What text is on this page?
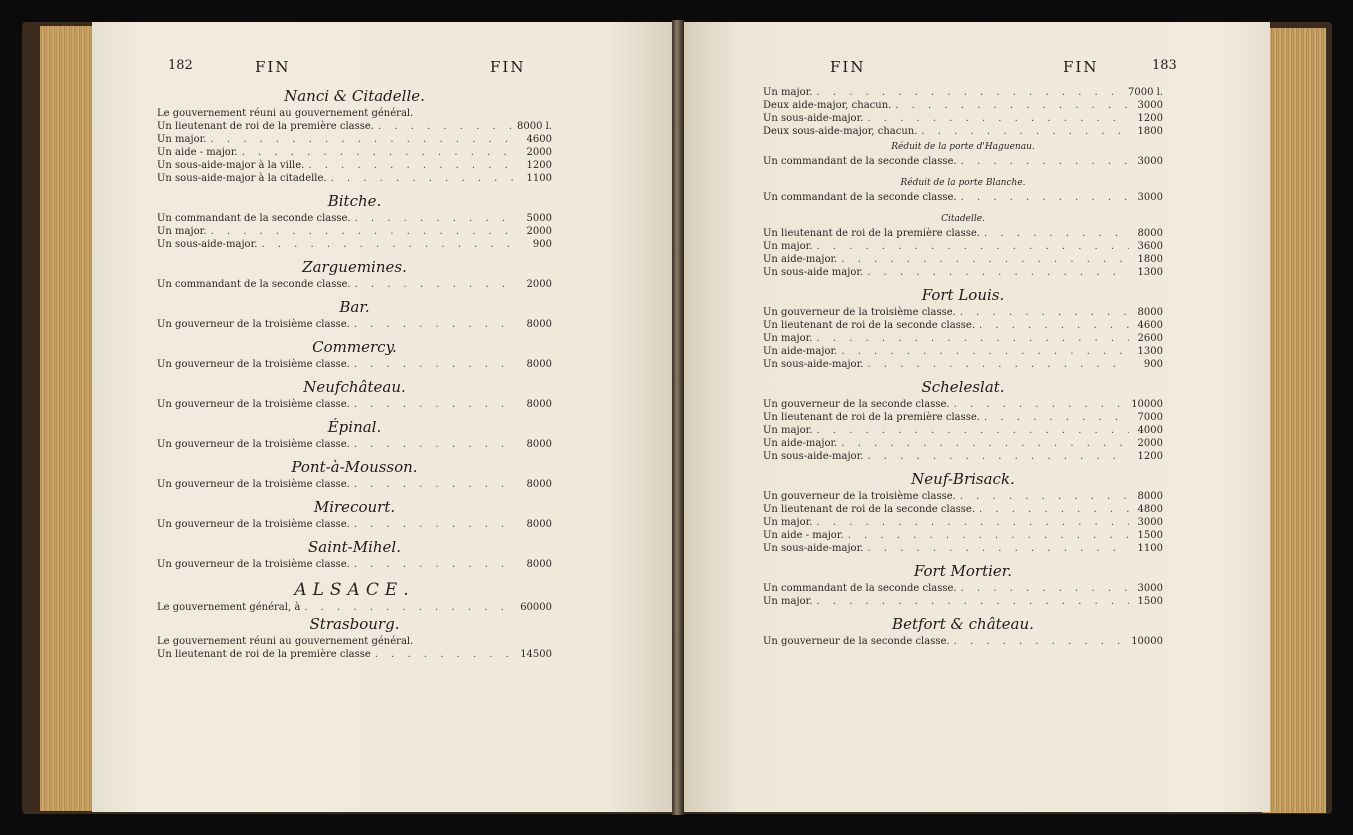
182	FIN	FIN	FIN	FIN	183
Nanci & Citadelle.
Le gouvernement réuni au gouvernement général.
Un lieutenant de roi de la première classe. . . .	8000 l.
Un major. . . .	4600
Un aide - major. . . .	2000
Un sous-aide-major à la ville. . . .	1200
Un sous-aide-major à la citadelle. . . .	1100
Bitche.
Un commandant de la seconde classe. . . .	5000
Un major. . . .	2000
Un sous-aide-major. . . .	900
Zarguemines.
Un commandant de la seconde classe. . . .	2000
Bar.
Un gouverneur de la troisième classe. . . .	8000
Commercy.
Un gouverneur de la troisième classe. . . .	8000
Neufchâteau.
Un gouverneur de la troisième classe. . . .	8000
Épinal.
Un gouverneur de la troisième classe. . . .	8000
Pont-à-Mousson.
Un gouverneur de la troisième classe. . . .	8000
Mirecourt.
Un gouverneur de la troisième classe. . . .	8000
Saint-Mihel.
Un gouverneur de la troisième classe. . . .	8000
ALSACE.
Le gouvernement général, à . . .	60000
Strasbourg.
Le gouvernement réuni au gouvernement général.
Un lieutenant de roi de la première classe . . .	14500
Un major. . . .	7000 l.
Deux aide-major, chacun. . . .	3000
Un sous-aide-major. . . .	1200
Deux sous-aide-major, chacun. . . .	1800
Réduit de la porte d'Haguenau.
Un commandant de la seconde classe. . . .	3000
Réduit de la porte Blanche.
Un commandant de la seconde classe. . . .	3000
Citadelle.
Un lieutenant de roi de la première classe. . . .	8000
Un major. . . .	3600
Un aide-major. . . .	1800
Un sous-aide major. . . .	1300
Fort Louis.
Un gouverneur de la troisième classe. . . .	8000
Un lieutenant de roi de la seconde classe. . . .	4600
Un major. . . .	2600
Un aide-major. . . .	1300
Un sous-aide-major. . . .	900
Scheleslat.
Un gouverneur de la seconde classe. . . .	10000
Un lieutenant de roi de la première classe. . . .	7000
Un major. . . .	4000
Un aide-major. . . .	2000
Un sous-aide-major. . . .	1200
Neuf-Brisack.
Un gouverneur de la troisième classe. . . .	8000
Un lieutenant de roi de la seconde classe. . . .	4800
Un major. . . .	3000
Un aide - major. . . .	1500
Un sous-aide-major. . . .	1100
Fort Mortier.
Un commandant de la seconde classe. . . .	3000
Un major. . . .	1500
Betfort & château.
Un gouverneur de la seconde classe. . . .	10000
